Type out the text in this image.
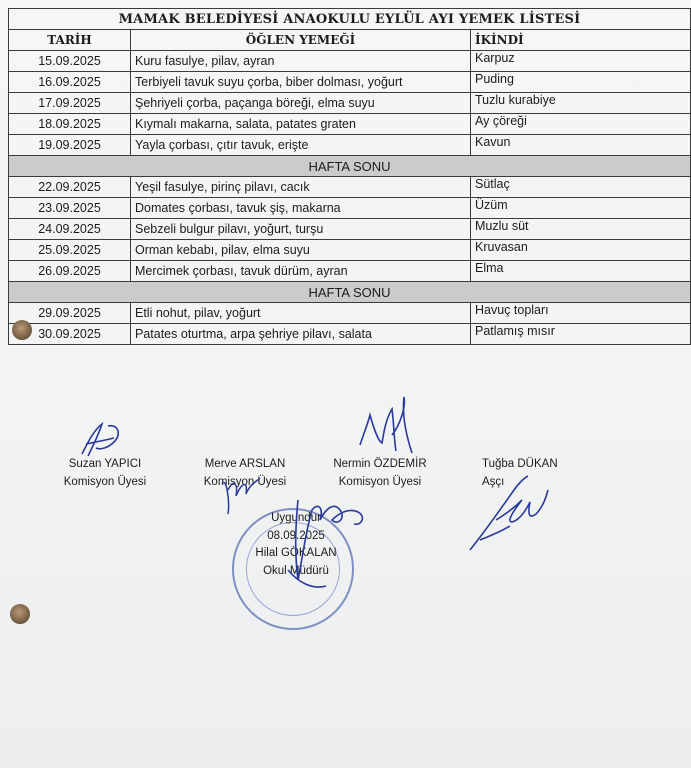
MAMAK BELEDİYESİ ANAOKULU EYLÜL AYI YEMEK LİSTESİ		
TARİH	ÖĞLEN YEMEĞİ	İKİNDİ
15.09.2025	Kuru fasulye, pilav, ayran	Karpuz
16.09.2025	Terbiyeli tavuk suyu çorba, biber dolması, yoğurt	Puding
17.09.2025	Şehriyeli çorba, paçanga böreği, elma suyu	Tuzlu kurabiye
18.09.2025	Kıymalı makarna, salata, patates graten	Ay çöreği
19.09.2025	Yayla çorbası, çıtır tavuk, erişte	Kavun
HAFTA SONU		
22.09.2025	Yeşil fasulye, pirinç pilavı, cacık	Sütlaç
23.09.2025	Domates çorbası, tavuk şiş, makarna	Üzüm
24.09.2025	Sebzeli bulgur pilavı, yoğurt, turşu	Muzlu süt
25.09.2025	Orman kebabı, pilav, elma suyu	Kruvasan
26.09.2025	Mercimek çorbası, tavuk dürüm, ayran	Elma
HAFTA SONU		
29.09.2025	Etli nohut, pilav, yoğurt	Havuç topları
30.09.2025	Patates oturtma, arpa şehriye pilavı, salata	Patlamış mısır
Suzan YAPICI
Komisyon Üyesi
Merve ARSLAN
Komisyon Üyesi
Nermin ÖZDEMİR
Komisyon Üyesi
Tuğba DÜKAN
Aşçı
Uygundur
08.09.2025
Hilal GÖKALAN
Okul Müdürü
